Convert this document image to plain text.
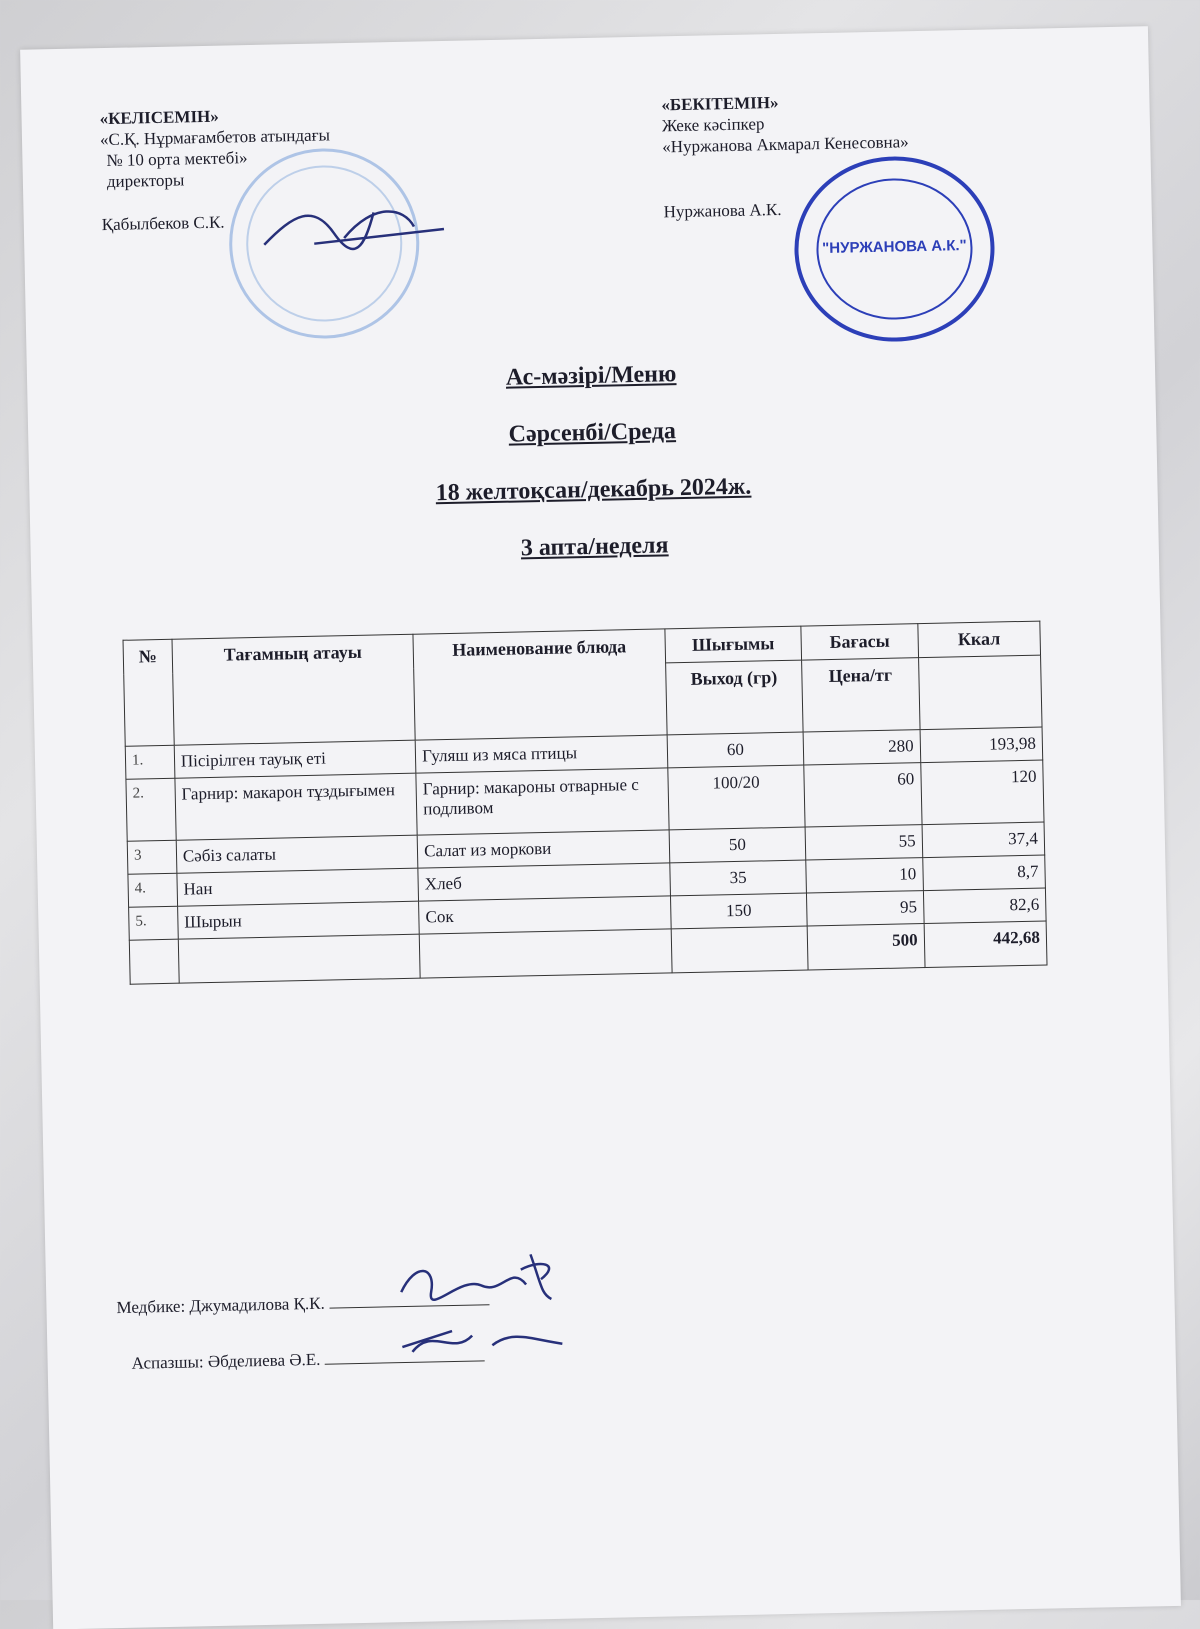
«КЕЛІСЕМІН»
«С.Қ. Нұрмағамбетов атындағы
№ 10 орта мектебі»
директоры
Қабылбеков С.К.
«БЕКІТЕМІН»
Жеке кәсіпкер
«Нуржанова Акмарал Кенесовна»
Нуржанова А.К.
"НУРЖАНОВА А.К."
Ас-мәзірі/Меню
Сәрсенбі/Среда
18 желтоқсан/декабрь 2024ж.
3 апта/неделя
№	Тағамның атауы	Наименование блюда	Шығымы	Бағасы	Ккал
			Выход (гр)	Цена/тг	
1.	Пісірілген тауық еті	Гуляш из мяса птицы	60	280	193,98
2.	Гарнир: макарон тұздығымен	Гарнир: макароны отварные с подливом	100/20	60	120
3	Сәбіз салаты	Салат из моркови	50	55	37,4
4.	Нан	Хлеб	35	10	8,7
5.	Шырын	Сок	150	95	82,6
				500	442,68
Медбике: Джумадилова Қ.К.
Аспазшы: Әбделиева Ә.Е.
